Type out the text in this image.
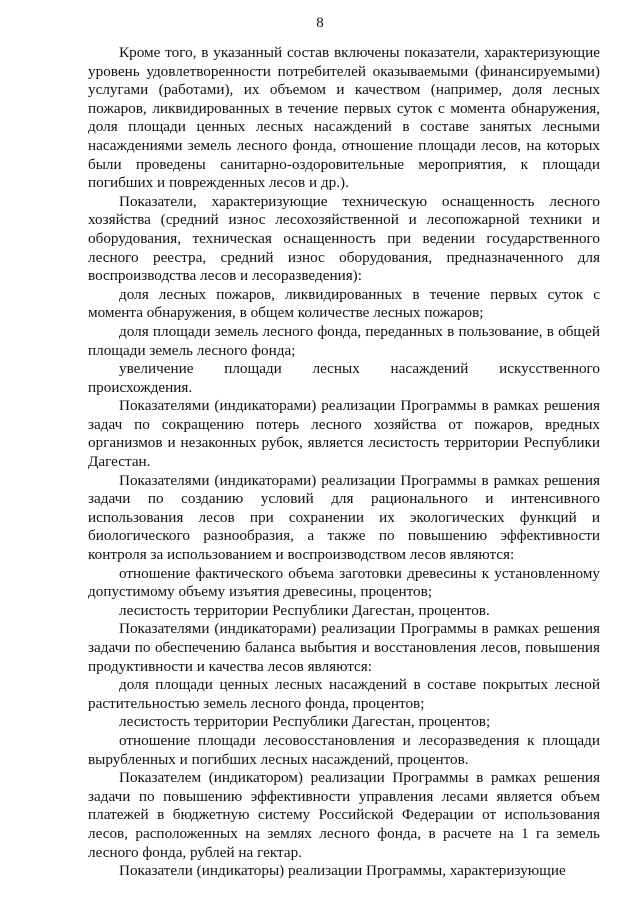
8

Кроме того, в указанный состав включены показатели, характеризующие уровень удовлетворенности потребителей оказываемыми (финансируемыми) услугами (работами), их объемом и качеством (например, доля лесных пожаров, ликвидированных в течение первых суток с момента обнаружения, доля площади ценных лесных насаждений в составе занятых лесными насаждениями земель лесного фонда, отношение площади лесов, на которых были проведены санитарно-оздоровительные мероприятия, к площади погибших и поврежденных лесов и др.).

Показатели, характеризующие техническую оснащенность лесного хозяйства (средний износ лесохозяйственной и лесопожарной техники и оборудования, техническая оснащенность при ведении государственного лесного реестра, средний износ оборудования, предназначенного для воспроизводства лесов и лесоразведения):

доля лесных пожаров, ликвидированных в течение первых суток с момента обнаружения, в общем количестве лесных пожаров;

доля площади земель лесного фонда, переданных в пользование, в общей площади земель лесного фонда;

увеличение площади лесных насаждений искусственного происхождения.

Показателями (индикаторами) реализации Программы в рамках решения задач по сокращению потерь лесного хозяйства от пожаров, вредных организмов и незаконных рубок, является лесистость территории Республики Дагестан.

Показателями (индикаторами) реализации Программы в рамках решения задачи по созданию условий для рационального и интенсивного использования лесов при сохранении их экологических функций и биологического разнообразия, а также по повышению эффективности контроля за использованием и воспроизводством лесов являются:

отношение фактического объема заготовки древесины к установленному допустимому объему изъятия древесины, процентов;

лесистость территории Республики Дагестан, процентов.

Показателями (индикаторами) реализации Программы в рамках решения задачи по обеспечению баланса выбытия и восстановления лесов, повышения продуктивности и качества лесов являются:

доля площади ценных лесных насаждений в составе покрытых лесной растительностью земель лесного фонда, процентов;

лесистость территории Республики Дагестан, процентов;

отношение площади лесовосстановления и лесоразведения к площади вырубленных и погибших лесных насаждений, процентов.

Показателем (индикатором) реализации Программы в рамках решения задачи по повышению эффективности управления лесами является объем платежей в бюджетную систему Российской Федерации от использования лесов, расположенных на землях лесного фонда, в расчете на 1 га земель лесного фонда, рублей на гектар.

Показатели (индикаторы) реализации Программы, характеризующие
